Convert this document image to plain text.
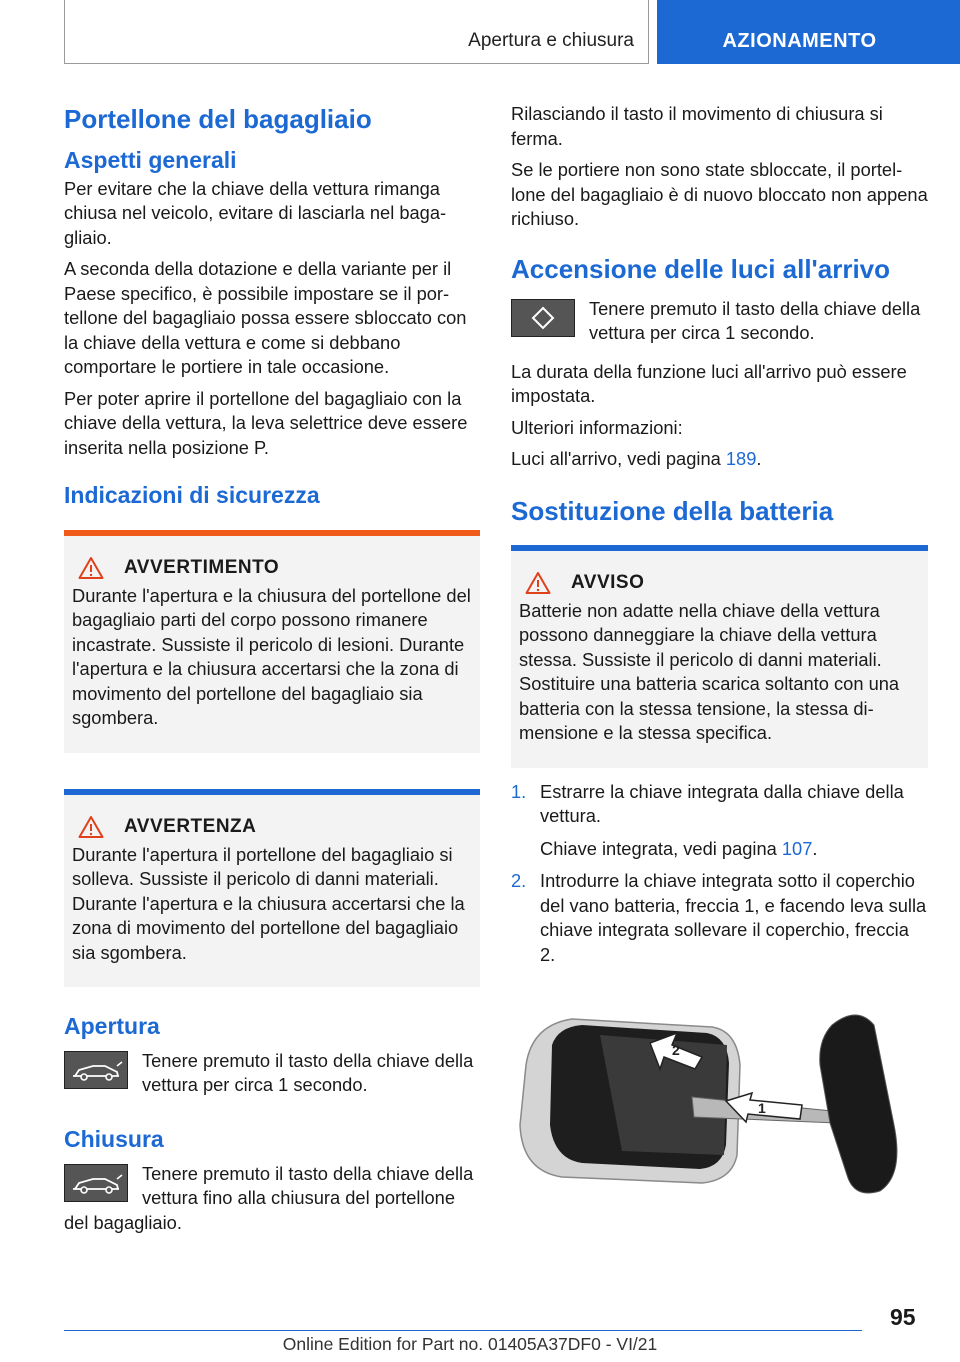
Apertura e chiusura	AZIONAMENTO
Portellone del bagagliaio
Aspetti generali

Per evitare che la chiave della vettura rimanga chiusa nel veicolo, evitare di lasciarla nel bagagliaio.

A seconda della dotazione e della variante per il Paese specifico, è possibile impostare se il portellone del bagagliaio possa essere sbloccato con la chiave della vettura e come si debbano comportare le portiere in tale occasione.

Per poter aprire il portellone del bagagliaio con la chiave della vettura, la leva selettrice deve essere inserita nella posizione P.

Indicazioni di sicurezza
AVVERTIMENTO

Durante l'apertura e la chiusura del portellone del bagagliaio parti del corpo possono rimanere incastrate. Sussiste il pericolo di lesioni. Durante l'apertura e la chiusura accertarsi che la zona di movimento del portellone del bagagliaio sia sgombera.

AVVERTENZA

Durante l'apertura il portellone del bagagliaio si solleva. Sussiste il pericolo di danni materiali. Durante l'apertura e la chiusura accertarsi che la zona di movimento del portellone del bagagliaio sia sgombera.

Apertura

Tenere premuto il tasto della chiave della vettura per circa 1 secondo.

Chiusura

Tenere premuto il tasto della chiave della vettura fino alla chiusura del portellone del bagagliaio.

Rilasciando il tasto il movimento di chiusura si ferma.

Se le portiere non sono state sbloccate, il portellone del bagagliaio è di nuovo bloccato non appena richiuso.

Accensione delle luci all'arrivo

Tenere premuto il tasto della chiave della vettura per circa 1 secondo.

La durata della funzione luci all'arrivo può essere impostata.

Ulteriori informazioni:

Luci all'arrivo, vedi pagina 189.

Sostituzione della batteria
AVVISO

Batterie non adatte nella chiave della vettura possono danneggiare la chiave della vettura stessa. Sussiste il pericolo di danni materiali. Sostituire una batteria scarica soltanto con una batteria con la stessa tensione, la stessa dimensione e la stessa specifica.

1. Estrarre la chiave integrata dalla chiave della vettura.

Chiave integrata, vedi pagina 107.

2. Introdurre la chiave integrata sotto il coperchio del vano batteria, freccia 1, e facendo leva sulla chiave integrata sollevare il coperchio, freccia 2.

2
1
95
Online Edition for Part no. 01405A37DF0 - VI/21
